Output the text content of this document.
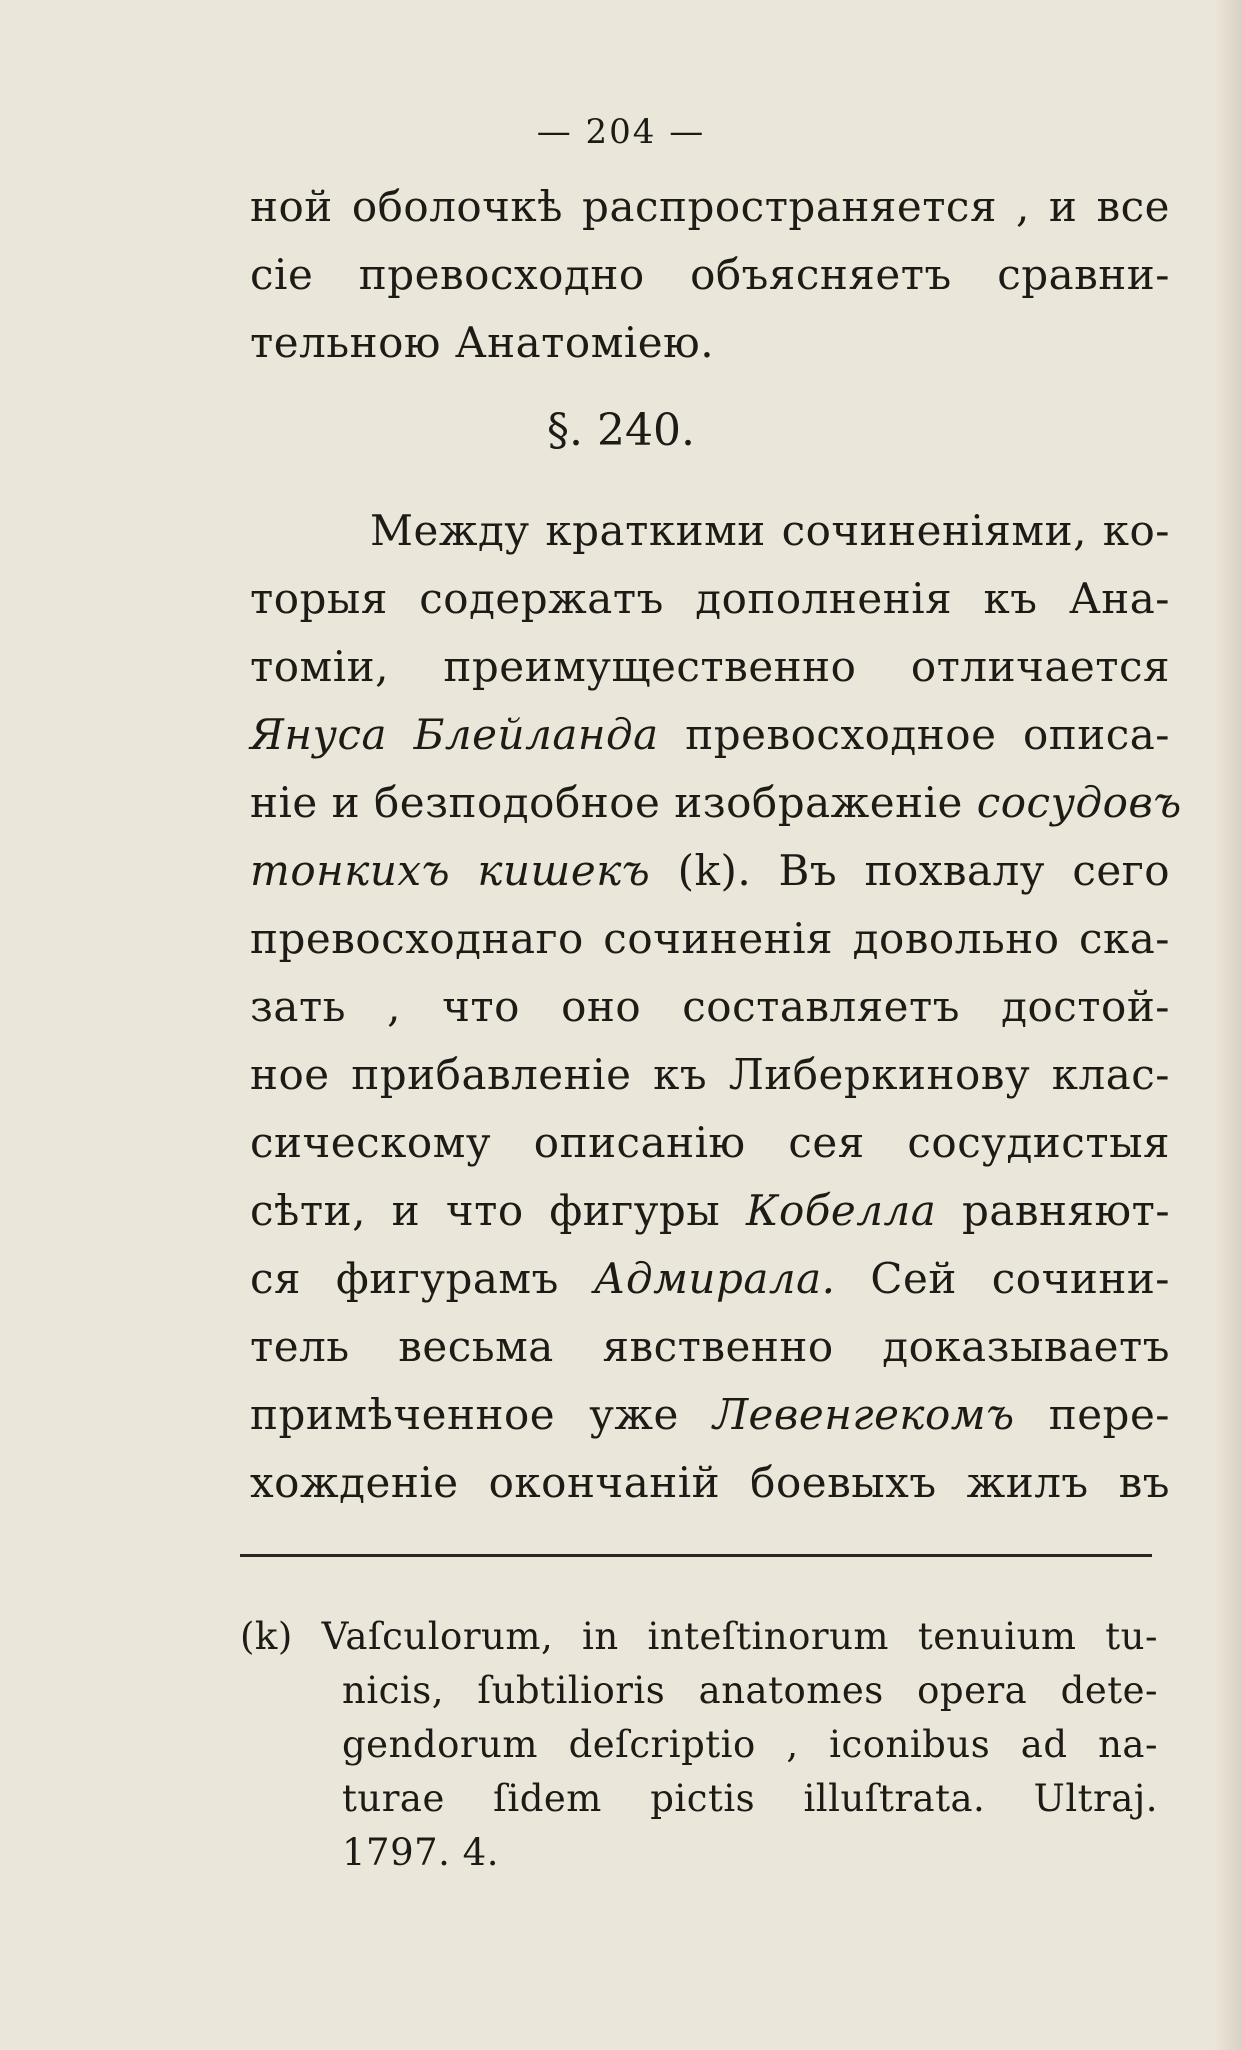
— 204 —
ной оболочкѣ распространяется , и все
сіе превосходно объясняетъ сравни-
тельною Анатоміею.
§. 240.
Между краткими сочиненіями, ко-
торыя содержатъ дополненія къ Ана-
томіи, преимущественно отличается
Януса Блейланда превосходное описа-
ніе и безподобное изображеніе сосудовъ
тонкихъ кишекъ (k). Въ похвалу сего
превосходнаго сочиненія довольно ска-
зать , что оно составляетъ достой-
ное прибавленіе къ Либеркинову клас-
сическому описанію сея сосудистыя
сѣти, и что фигуры Кобелла равняют-
ся фигурамъ Адмирала. Сей сочини-
тель весьма явственно доказываетъ
примѣченное уже Левенгекомъ пере-
хожденіе окончаній боевыхъ жилъ въ
(k) Vaſculorum, in inteſtinorum tenuium tu-
nicis, ſubtilioris anatomes opera dete-
gendorum deſcriptio , iconibus ad na-
turae ſidem pictis illuſtrata. Ultraj.
1797. 4.
